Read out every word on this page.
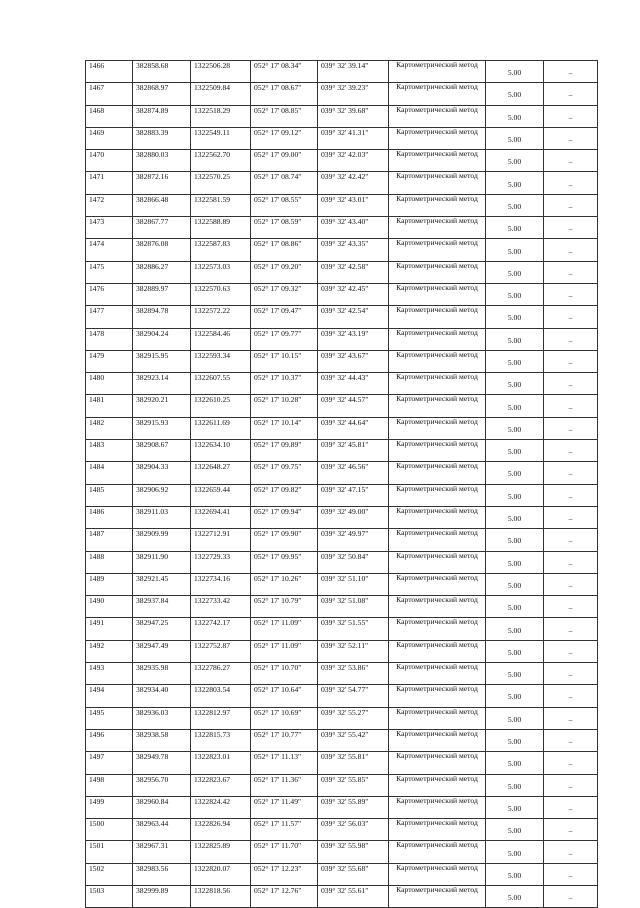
1466	382858.68	1322506.28	052° 17' 08.34"	039° 32' 39.14"	Картометрический метод	5.00	–
1467	382868.97	1322509.84	052° 17' 08.67"	039° 32' 39.23"	Картометрический метод	5.00	–
1468	382874.89	1322518.29	052° 17' 08.85"	039° 32' 39.68"	Картометрический метод	5.00	–
1469	382883.39	1322549.11	052° 17' 09.12"	039° 32' 41.31"	Картометрический метод	5.00	–
1470	382880.03	1322562.70	052° 17' 09.00"	039° 32' 42.03"	Картометрический метод	5.00	–
1471	382872.16	1322570.25	052° 17' 08.74"	039° 32' 42.42"	Картометрический метод	5.00	–
1472	382866.48	1322581.59	052° 17' 08.55"	039° 32' 43.01"	Картометрический метод	5.00	–
1473	382867.77	1322588.89	052° 17' 08.59"	039° 32' 43.40"	Картометрический метод	5.00	–
1474	382876.08	1322587.83	052° 17' 08.86"	039° 32' 43.35"	Картометрический метод	5.00	–
1475	382886.27	1322573.03	052° 17' 09.20"	039° 32' 42.58"	Картометрический метод	5.00	–
1476	382889.97	1322570.63	052° 17' 09.32"	039° 32' 42.45"	Картометрический метод	5.00	–
1477	382894.78	1322572.22	052° 17' 09.47"	039° 32' 42.54"	Картометрический метод	5.00	–
1478	382904.24	1322584.46	052° 17' 09.77"	039° 32' 43.19"	Картометрический метод	5.00	–
1479	382915.95	1322593.34	052° 17' 10.15"	039° 32' 43.67"	Картометрический метод	5.00	–
1480	382923.14	1322607.55	052° 17' 10.37"	039° 32' 44.43"	Картометрический метод	5.00	–
1481	382920.21	1322610.25	052° 17' 10.28"	039° 32' 44.57"	Картометрический метод	5.00	–
1482	382915.93	1322611.69	052° 17' 10.14"	039° 32' 44.64"	Картометрический метод	5.00	–
1483	382908.67	1322634.10	052° 17' 09.89"	039° 32' 45.81"	Картометрический метод	5.00	–
1484	382904.33	1322648.27	052° 17' 09.75"	039° 32' 46.56"	Картометрический метод	5.00	–
1485	382906.92	1322659.44	052° 17' 09.82"	039° 32' 47.15"	Картометрический метод	5.00	–
1486	382911.03	1322694.41	052° 17' 09.94"	039° 32' 49.00"	Картометрический метод	5.00	–
1487	382909.99	1322712.91	052° 17' 09.90"	039° 32' 49.97"	Картометрический метод	5.00	–
1488	382911.90	1322729.33	052° 17' 09.95"	039° 32' 50.84"	Картометрический метод	5.00	–
1489	382921.45	1322734.16	052° 17' 10.26"	039° 32' 51.10"	Картометрический метод	5.00	–
1490	382937.84	1322733.42	052° 17' 10.79"	039° 32' 51.08"	Картометрический метод	5.00	–
1491	382947.25	1322742.17	052° 17' 11.09"	039° 32' 51.55"	Картометрический метод	5.00	–
1492	382947.49	1322752.87	052° 17' 11.09"	039° 32' 52.11"	Картометрический метод	5.00	–
1493	382935.98	1322786.27	052° 17' 10.70"	039° 32' 53.86"	Картометрический метод	5.00	–
1494	382934.40	1322803.54	052° 17' 10.64"	039° 32' 54.77"	Картометрический метод	5.00	–
1495	382936.03	1322812.97	052° 17' 10.69"	039° 32' 55.27"	Картометрический метод	5.00	–
1496	382938.58	1322815.73	052° 17' 10.77"	039° 32' 55.42"	Картометрический метод	5.00	–
1497	382949.78	1322823.01	052° 17' 11.13"	039° 32' 55.81"	Картометрический метод	5.00	–
1498	382956.70	1322823.67	052° 17' 11.36"	039° 32' 55.85"	Картометрический метод	5.00	–
1499	382960.84	1322824.42	052° 17' 11.49"	039° 32' 55.89"	Картометрический метод	5.00	–
1500	382963.44	1322826.94	052° 17' 11.57"	039° 32' 56.03"	Картометрический метод	5.00	–
1501	382967.31	1322825.89	052° 17' 11.70"	039° 32' 55.98"	Картометрический метод	5.00	–
1502	382983.56	1322820.07	052° 17' 12.23"	039° 32' 55.68"	Картометрический метод	5.00	–
1503	382999.89	1322818.56	052° 17' 12.76"	039° 32' 55.61"	Картометрический метод	5.00	–
